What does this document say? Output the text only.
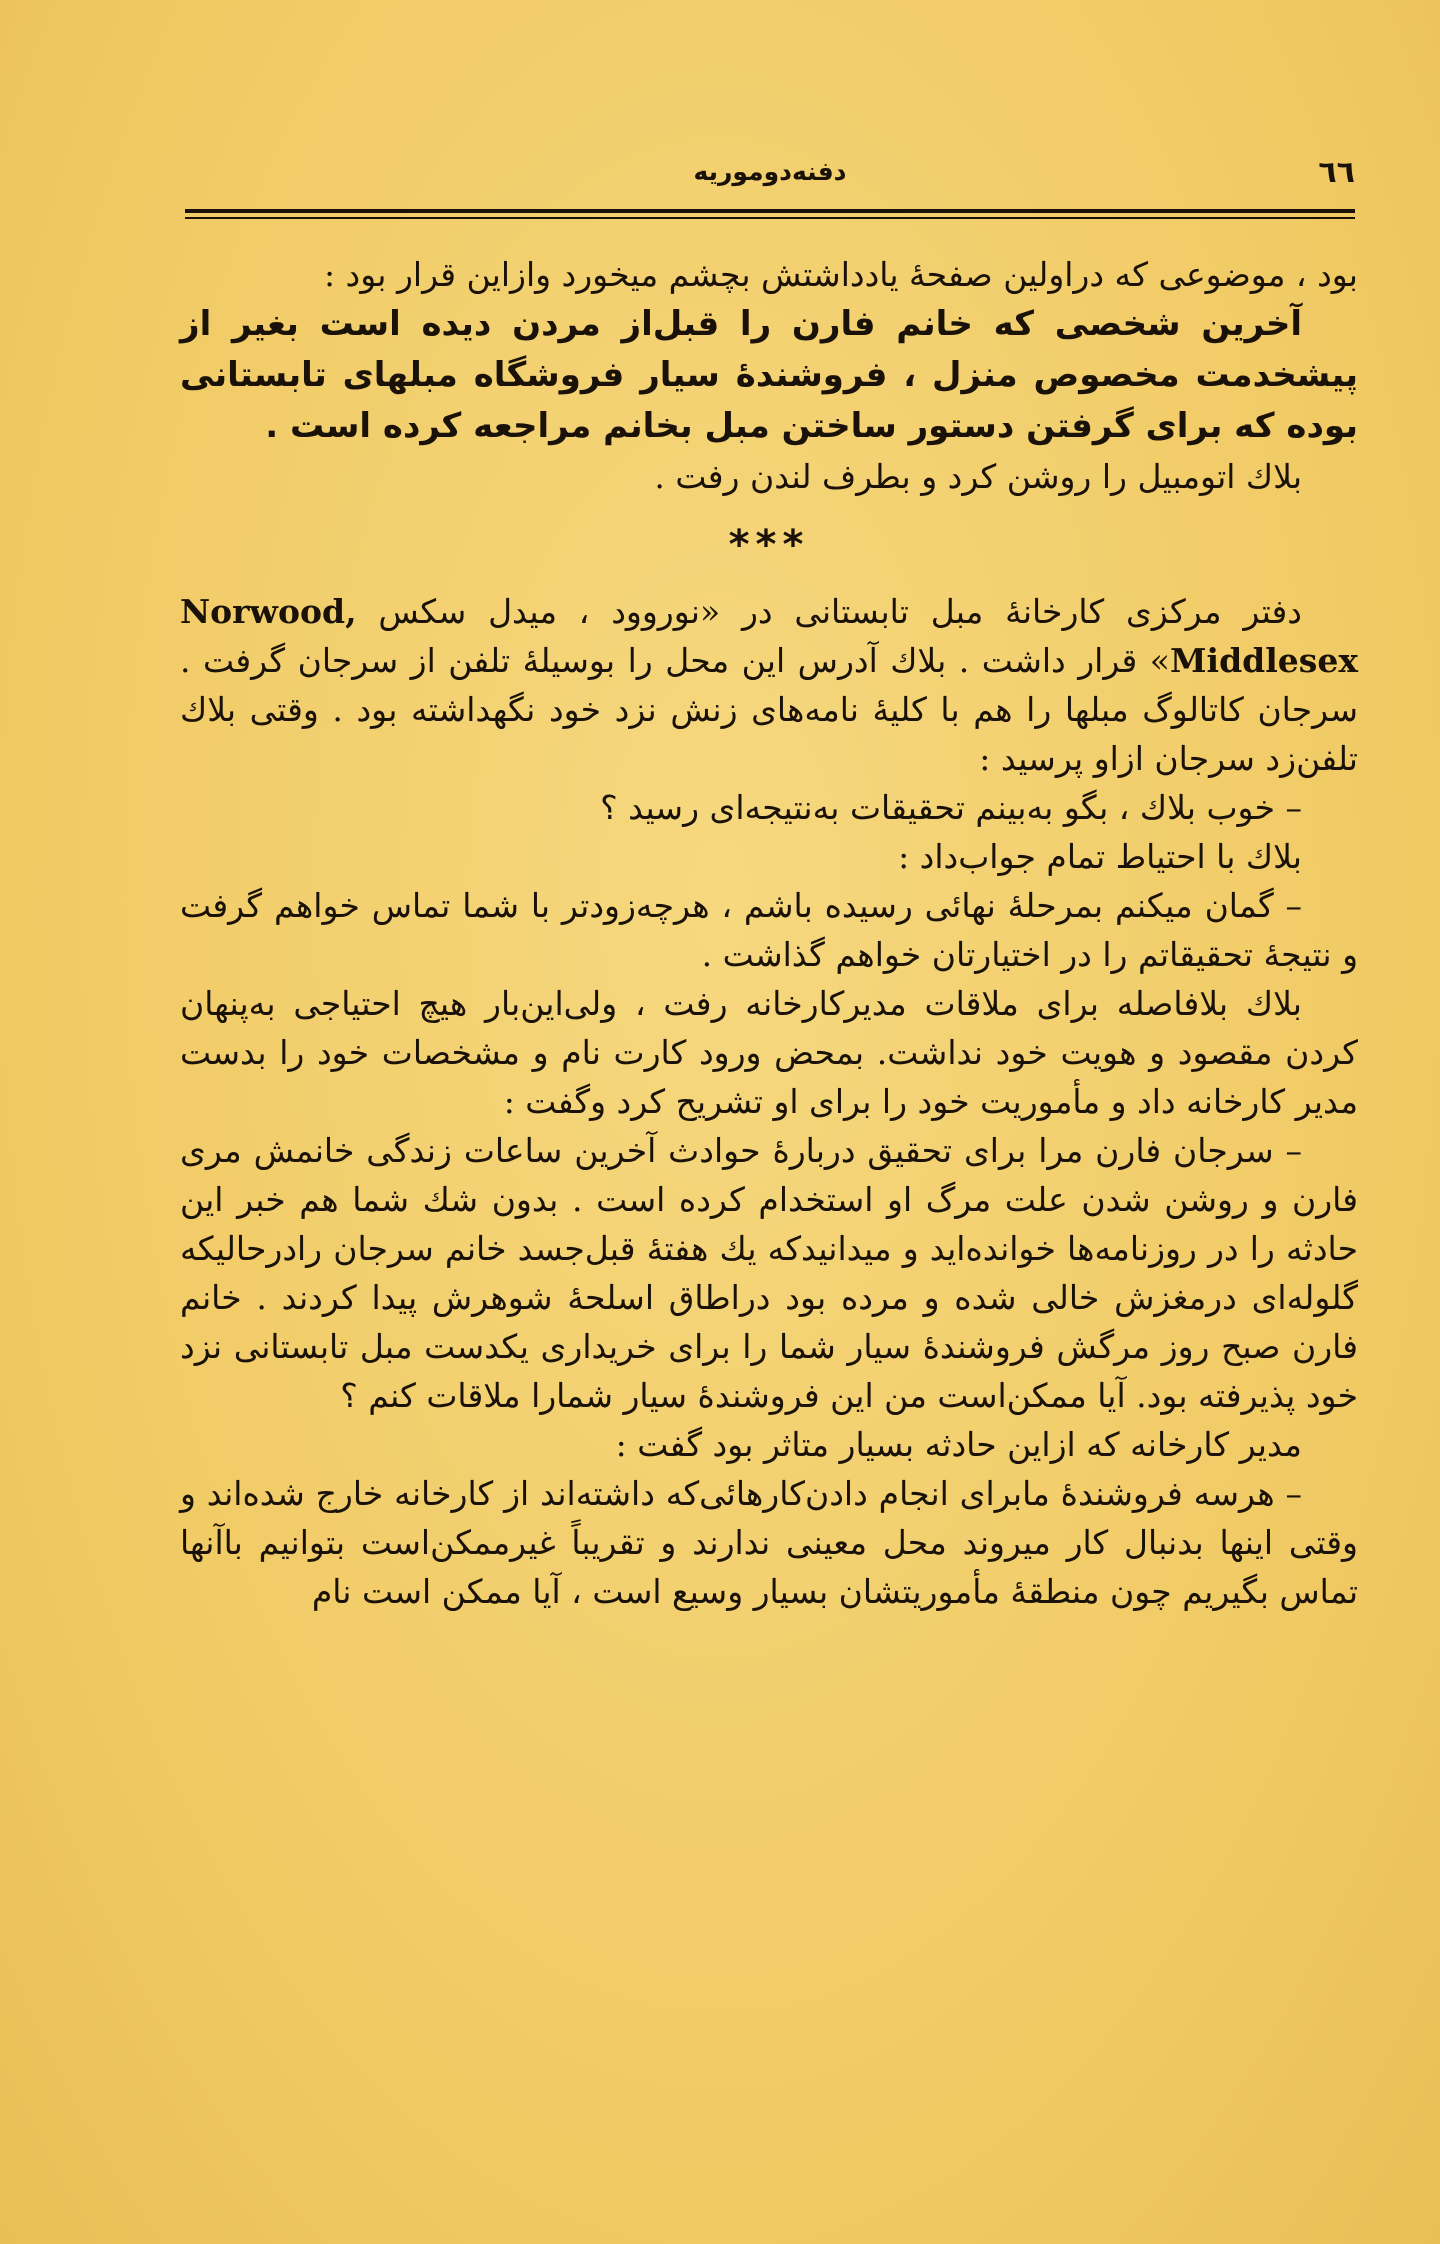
٦٦
دفنه‌دوموریه

بود ، موضوعی که دراولین صفحهٔ یادداشتش بچشم میخورد وازاین قرار بود :

آخرین شخصی که خانم فارن را قبل‌از مردن دیده است بغیر از پیشخدمت مخصوص منزل ، فروشندهٔ سیار فروشگاه مبلهای تابستانی بوده که برای گرفتن دستور ساختن مبل بخانم مراجعه کرده است .

بلاك اتومبیل را روشن کرد و بطرف لندن رفت .

***

دفتر مرکزی کارخانهٔ مبل تابستانی در «نوروود ، میدل سکس Norwood, Middlesex» قرار داشت . بلاك آدرس این محل را بوسیلهٔ تلفن از سرجان گرفت . سرجان کاتالوگ مبلها را هم با کلیهٔ نامه‌های زنش نزد خود نگهداشته بود . وقتی بلاك تلفن‌زد سرجان ازاو پرسید :

– خوب بلاك ، بگو به‌بینم تحقیقات به‌نتیجه‌ای رسید ؟

بلاك با احتیاط تمام جواب‌داد :

– گمان میکنم بمرحلهٔ نهائی رسیده باشم ، هرچه‌زودتر با شما تماس خواهم گرفت و نتیجهٔ تحقیقاتم را در اختیارتان خواهم گذاشت .

بلاك بلافاصله برای ملاقات مدیرکارخانه رفت ، ولی‌این‌بار هیچ احتیاجی به‌پنهان کردن مقصود و هویت خود نداشت. بمحض ورود کارت نام و مشخصات خود را بدست مدیر کارخانه داد و مأموریت خود را برای او تشریح کرد وگفت :

– سرجان فارن مرا برای تحقیق دربارهٔ حوادث آخرین ساعات زندگی خانمش مری فارن و روشن شدن علت مرگ او استخدام کرده است . بدون شك شما هم خبر این حادثه را در روزنامه‌ها خوانده‌اید و میدانیدکه یك هفتهٔ قبل‌جسد خانم سرجان رادرحالیکه گلوله‌ای درمغزش خالی شده و مرده بود دراطاق اسلحهٔ شوهرش پیدا کردند . خانم فارن صبح روز مرگش فروشندهٔ سیار شما را برای خریداری یکدست مبل تابستانی نزد خود پذیرفته بود. آیا ممکن‌است من این فروشندهٔ سیار شمارا ملاقات کنم ؟

مدیر کارخانه که ازاین حادثه بسیار متاثر بود گفت :

– هرسه فروشندهٔ مابرای انجام دادن‌کارهائی‌که داشته‌اند از کارخانه خارج شده‌اند و وقتی اینها بدنبال کار میروند محل معینی ندارند و تقریباً غیرممکن‌است بتوانیم باآنها تماس بگیریم چون منطقهٔ مأموریتشان بسیار وسیع است ، آیا ممکن است نام
